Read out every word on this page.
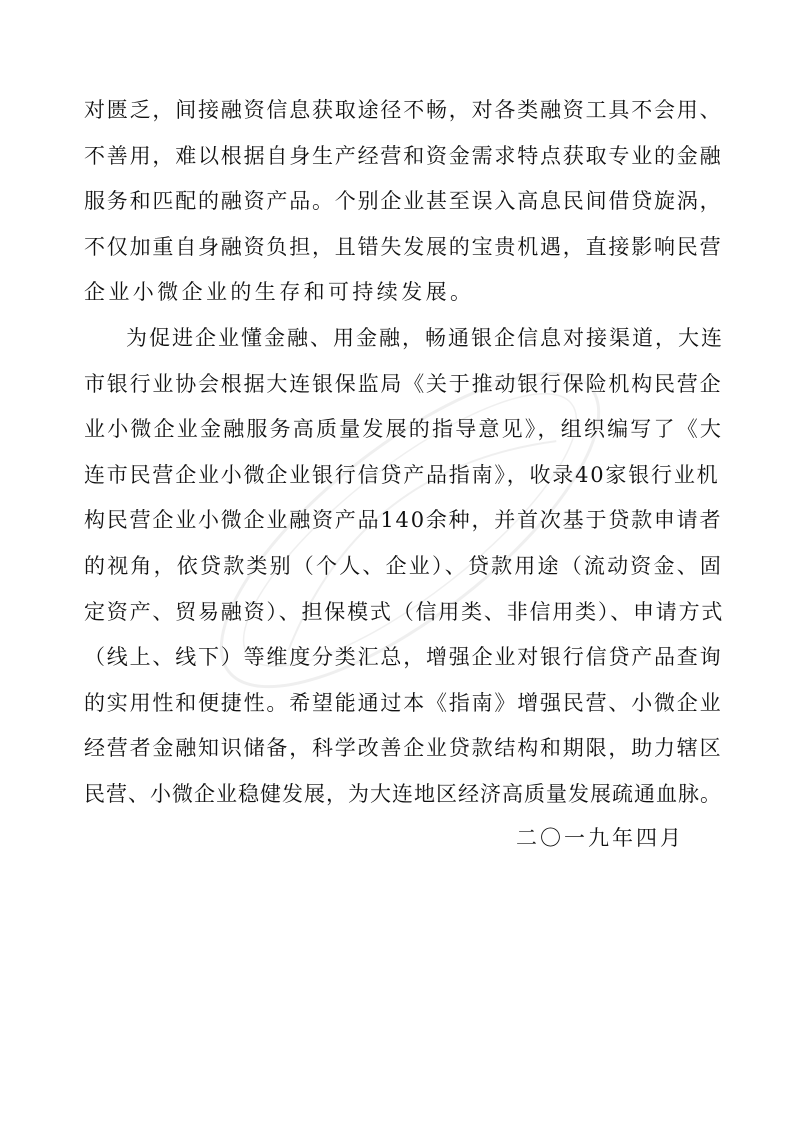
对匮乏，间接融资信息获取途径不畅，对各类融资工具不会用、
不善用，难以根据自身生产经营和资金需求特点获取专业的金融
服务和匹配的融资产品。个别企业甚至误入高息民间借贷旋涡，
不仅加重自身融资负担，且错失发展的宝贵机遇，直接影响民营
企业小微企业的生存和可持续发展。
为促进企业懂金融、用金融，畅通银企信息对接渠道，大连
市银行业协会根据大连银保监局《关于推动银行保险机构民营企
业小微企业金融服务高质量发展的指导意见》，组织编写了《大
连市民营企业小微企业银行信贷产品指南》，收录40家银行业机
构民营企业小微企业融资产品140余种，并首次基于贷款申请者
的视角，依贷款类别（个人、企业）、贷款用途（流动资金、固
定资产、贸易融资）、担保模式（信用类、非信用类）、申请方式
（线上、线下）等维度分类汇总，增强企业对银行信贷产品查询
的实用性和便捷性。希望能通过本《指南》增强民营、小微企业
经营者金融知识储备，科学改善企业贷款结构和期限，助力辖区
民营、小微企业稳健发展，为大连地区经济高质量发展疏通血脉。
二〇一九年四月
